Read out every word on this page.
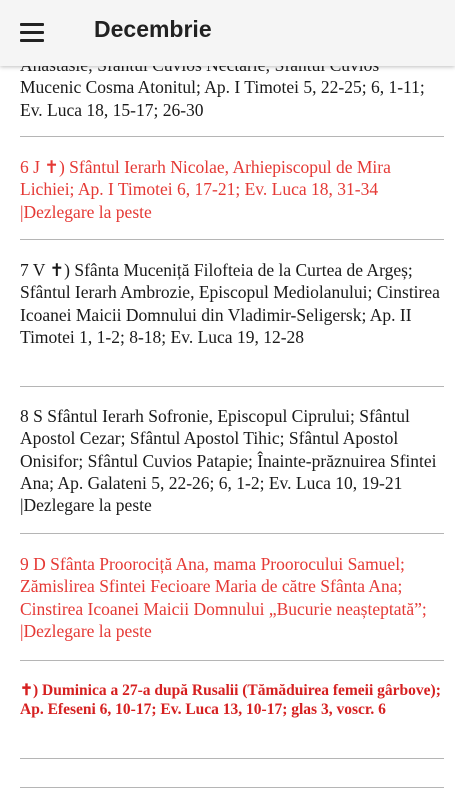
Mucenic Cosma Atonitul; Ap. I Timotei 5, 22-25; 6, 1-11; Ev. Luca 18, 15-17; 26-30
6 J ✝) Sfântul Ierarh Nicolae, Arhiepiscopul de Mira Lichiei; Ap. I Timotei 6, 17-21; Ev. Luca 18, 31-34 |Dezlegare la peste
7 V ✝) Sfânta Muceniță Filofteia de la Curtea de Argeș; Sfântul Ierarh Ambrozie, Episcopul Mediolanului; Cinstirea Icoanei Maicii Domnului din Vladimir-Seligersk; Ap. II Timotei 1, 1-2; 8-18; Ev. Luca 19, 12-28
8 S Sfântul Ierarh Sofronie, Episcopul Ciprului; Sfântul Apostol Cezar; Sfântul Apostol Tihic; Sfântul Apostol Onisifor; Sfântul Cuvios Patapie; Înainte-prăznuirea Sfintei Ana; Ap. Galateni 5, 22-26; 6, 1-2; Ev. Luca 10, 19-21 |Dezlegare la peste
9 D Sfânta Proorociță Ana, mama Proorocului Samuel; Zămislirea Sfintei Fecioare Maria de către Sfânta Ana; Cinstirea Icoanei Maicii Domnului „Bucurie neașteptată”; |Dezlegare la peste
✝) Duminica a 27-a după Rusalii (Tămăduirea femeii gârbove); Ap. Efeseni 6, 10-17; Ev. Luca 13, 10-17; glas 3, voscr. 6
Decembrie
